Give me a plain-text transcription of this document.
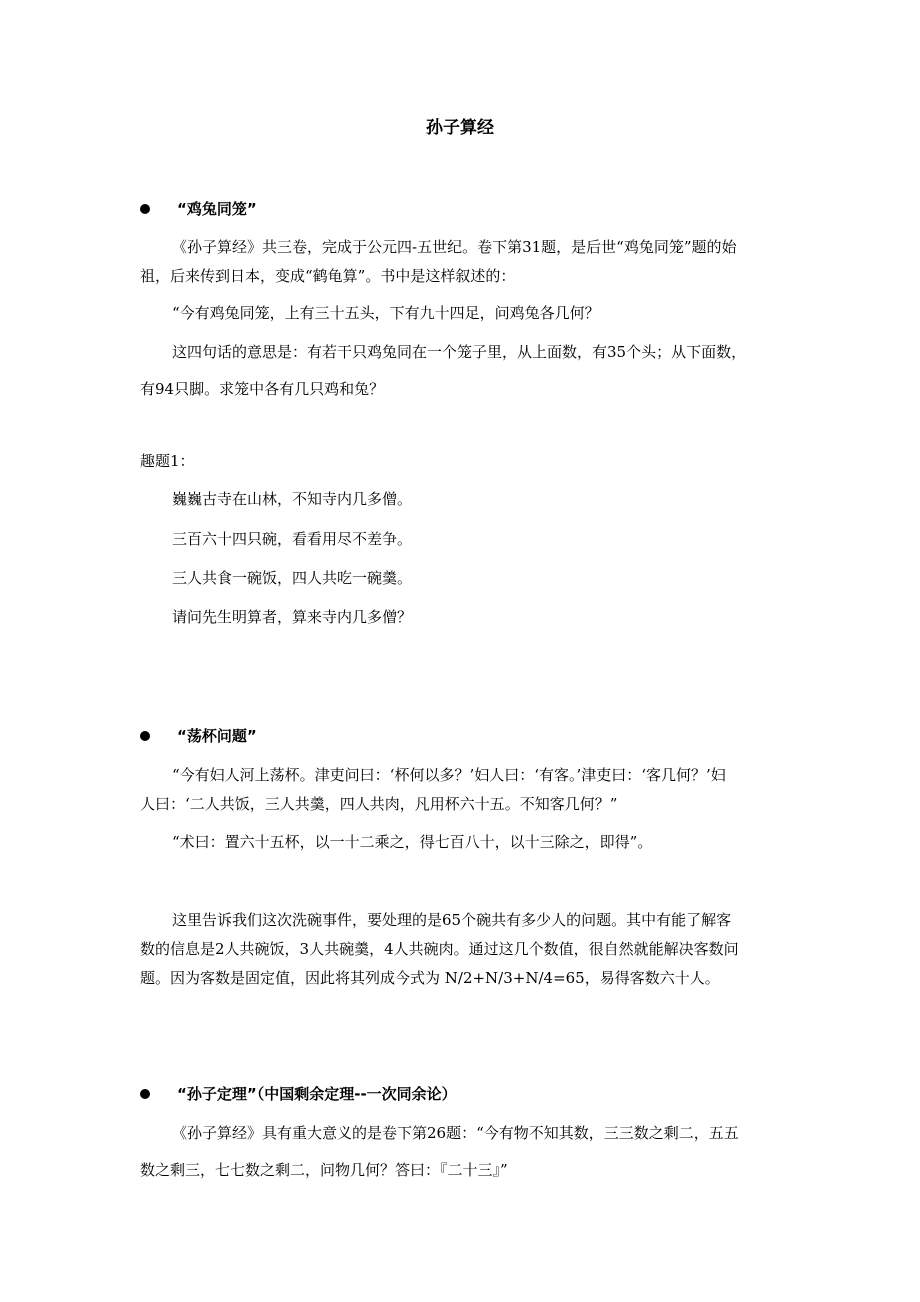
孙子算经
“鸡兔同笼”
《孙子算经》共三卷，完成于公元四-五世纪。卷下第31题，是后世“鸡兔同笼”题的始
祖，后来传到日本，变成“鹤龟算”。书中是这样叙述的：
“今有鸡兔同笼，上有三十五头，下有九十四足，问鸡兔各几何？
这四句话的意思是：有若干只鸡兔同在一个笼子里，从上面数，有35个头；从下面数，
有94只脚。求笼中各有几只鸡和兔？
趣题1：
巍巍古寺在山林，不知寺内几多僧。
三百六十四只碗，看看用尽不差争。
三人共食一碗饭，四人共吃一碗羹。
请问先生明算者，算来寺内几多僧？
“荡杯问题”
“今有妇人河上荡杯。津吏问曰：‘杯何以多？’妇人曰：‘有客。’津吏曰：‘客几何？’妇
人曰：‘二人共饭，三人共羹，四人共肉，凡用杯六十五。不知客几何？”
“术曰：置六十五杯，以一十二乘之，得七百八十，以十三除之，即得”。
这里告诉我们这次洗碗事件，要处理的是65个碗共有多少人的问题。其中有能了解客
数的信息是2人共碗饭，3人共碗羹，4人共碗肉。通过这几个数值，很自然就能解决客数问
题。因为客数是固定值，因此将其列成今式为 N/2+N/3+N/4=65，易得客数六十人。
“孙子定理”（中国剩余定理--一次同余论）
《孙子算经》具有重大意义的是卷下第26题：“今有物不知其数，三三数之剩二，五五
数之剩三，七七数之剩二，问物几何？答曰：『二十三』”
